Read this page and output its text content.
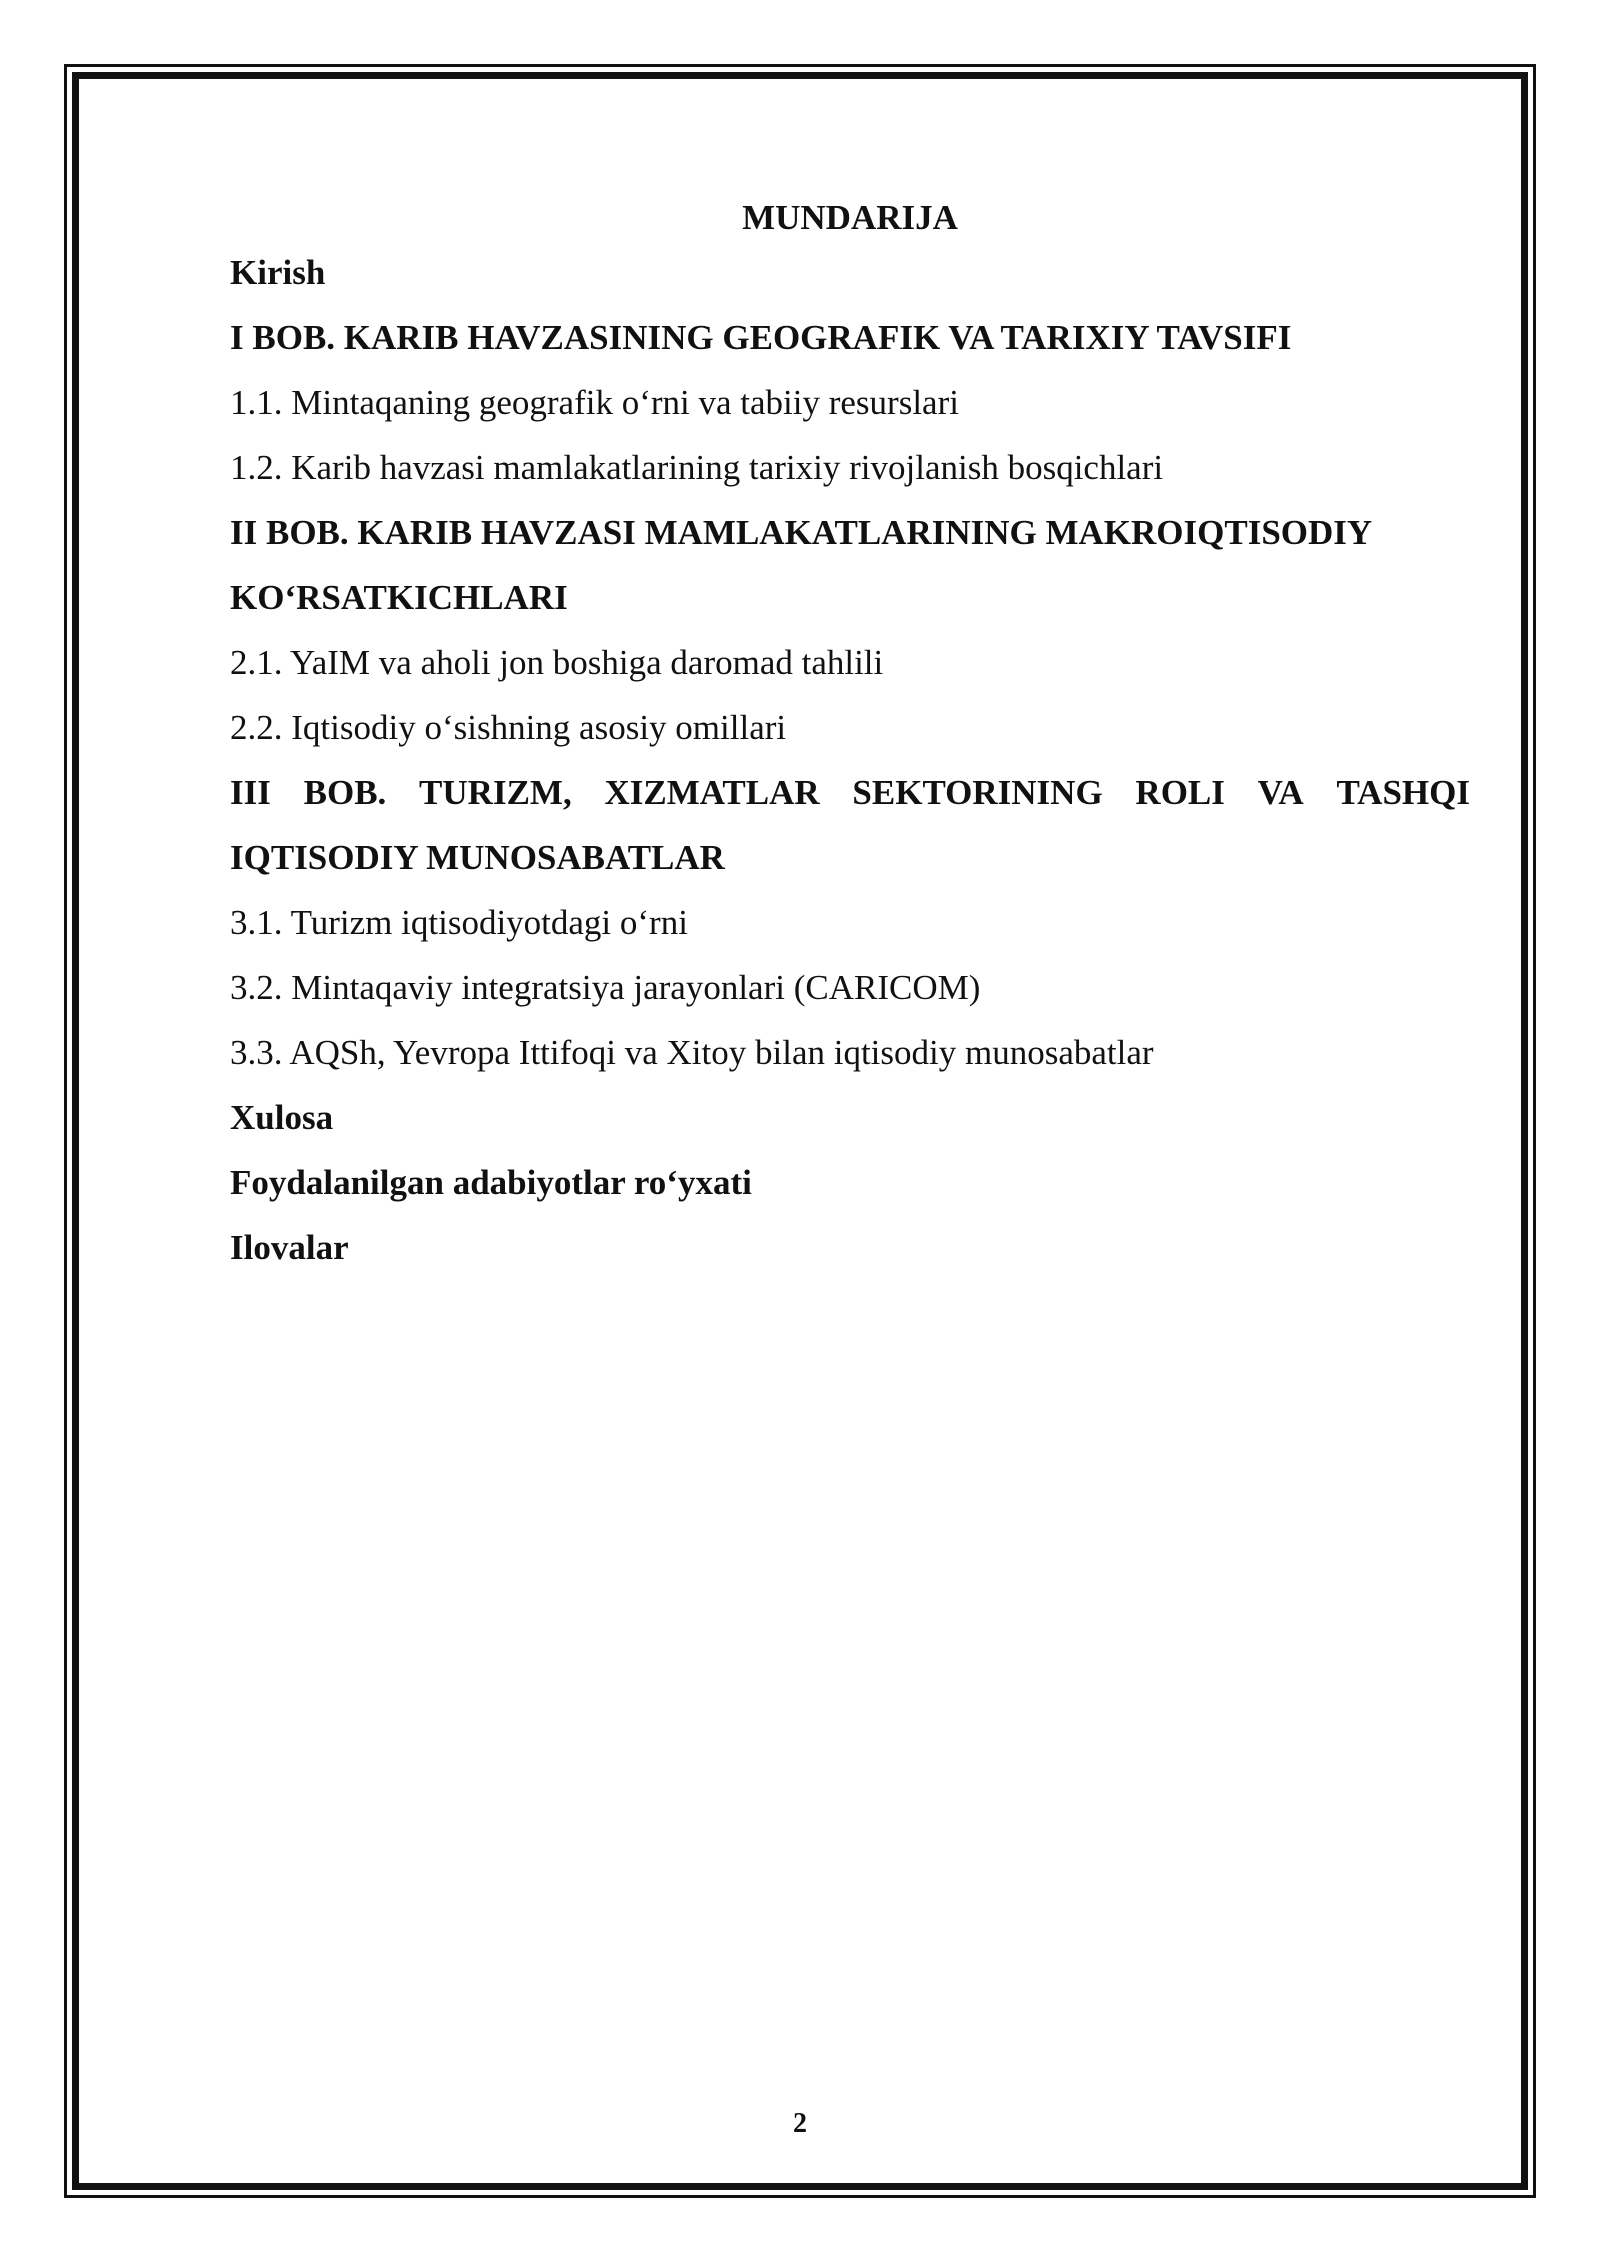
MUNDARIJA
Kirish
I BOB. KARIB HAVZASINING GEOGRAFIK VA TARIXIY TAVSIFI
1.1. Mintaqaning geografik o‘rni va tabiiy resurslari
1.2. Karib havzasi mamlakatlarining tarixiy rivojlanish bosqichlari
II BOB. KARIB HAVZASI MAMLAKATLARINING MAKROIQTISODIY
KO‘RSATKICHLARI
2.1. YaIM va aholi jon boshiga daromad tahlili
2.2. Iqtisodiy o‘sishning asosiy omillari
III BOB. TURIZM, XIZMATLAR SEKTORINING ROLI VA TASHQI
IQTISODIY MUNOSABATLAR
3.1. Turizm iqtisodiyotdagi o‘rni
3.2. Mintaqaviy integratsiya jarayonlari (CARICOM)
3.3. AQSh, Yevropa Ittifoqi va Xitoy bilan iqtisodiy munosabatlar
Xulosa
Foydalanilgan adabiyotlar ro‘yxati
Ilovalar
2
